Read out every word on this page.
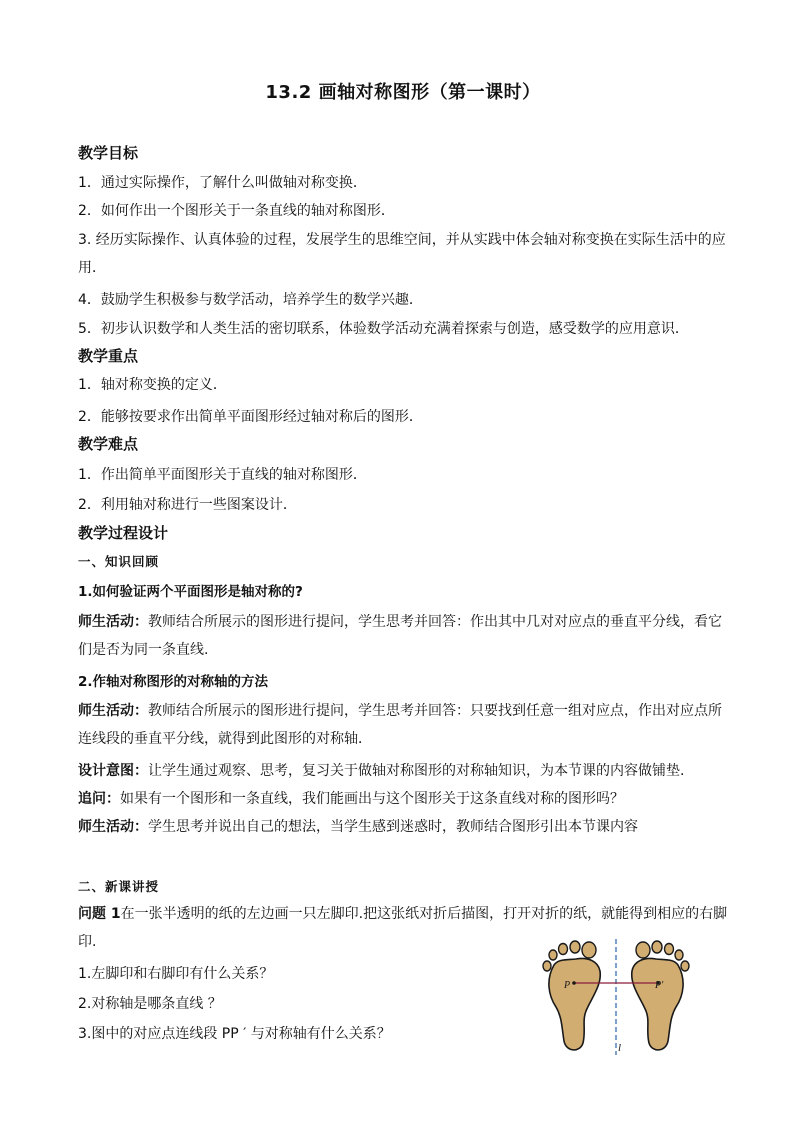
13.2 画轴对称图形（第一课时）

教学目标

1．通过实际操作，了解什么叫做轴对称变换．

2．如何作出一个图形关于一条直线的轴对称图形．

3. 经历实际操作、认真体验的过程，发展学生的思维空间，并从实践中体会轴对称变换在实际生活中的应用．

4．鼓励学生积极参与数学活动，培养学生的数学兴趣．

5．初步认识数学和人类生活的密切联系，体验数学活动充满着探索与创造，感受数学的应用意识．

教学重点

1．轴对称变换的定义．

2．能够按要求作出简单平面图形经过轴对称后的图形．

教学难点

1．作出简单平面图形关于直线的轴对称图形．

2．利用轴对称进行一些图案设计．

教学过程设计

一、知识回顾

1.如何验证两个平面图形是轴对称的?

师生活动：教师结合所展示的图形进行提问，学生思考并回答：作出其中几对对应点的垂直平分线，看它们是否为同一条直线.

2.作轴对称图形的对称轴的方法

师生活动：教师结合所展示的图形进行提问，学生思考并回答：只要找到任意一组对应点，作出对应点所连线段的垂直平分线，就得到此图形的对称轴．

设计意图：让学生通过观察、思考，复习关于做轴对称图形的对称轴知识，为本节课的内容做铺垫.

追问：如果有一个图形和一条直线，我们能画出与这个图形关于这条直线对称的图形吗？

师生活动：学生思考并说出自己的想法，当学生感到迷惑时，教师结合图形引出本节课内容

二、新课讲授

问题 1在一张半透明的纸的左边画一只左脚印.把这张纸对折后描图，打开对折的纸，就能得到相应的右脚印.

1.左脚印和右脚印有什么关系？

2.对称轴是哪条直线 ？

3.图中的对应点连线段 PP ′ 与对称轴有什么关系？

P	P′
l
